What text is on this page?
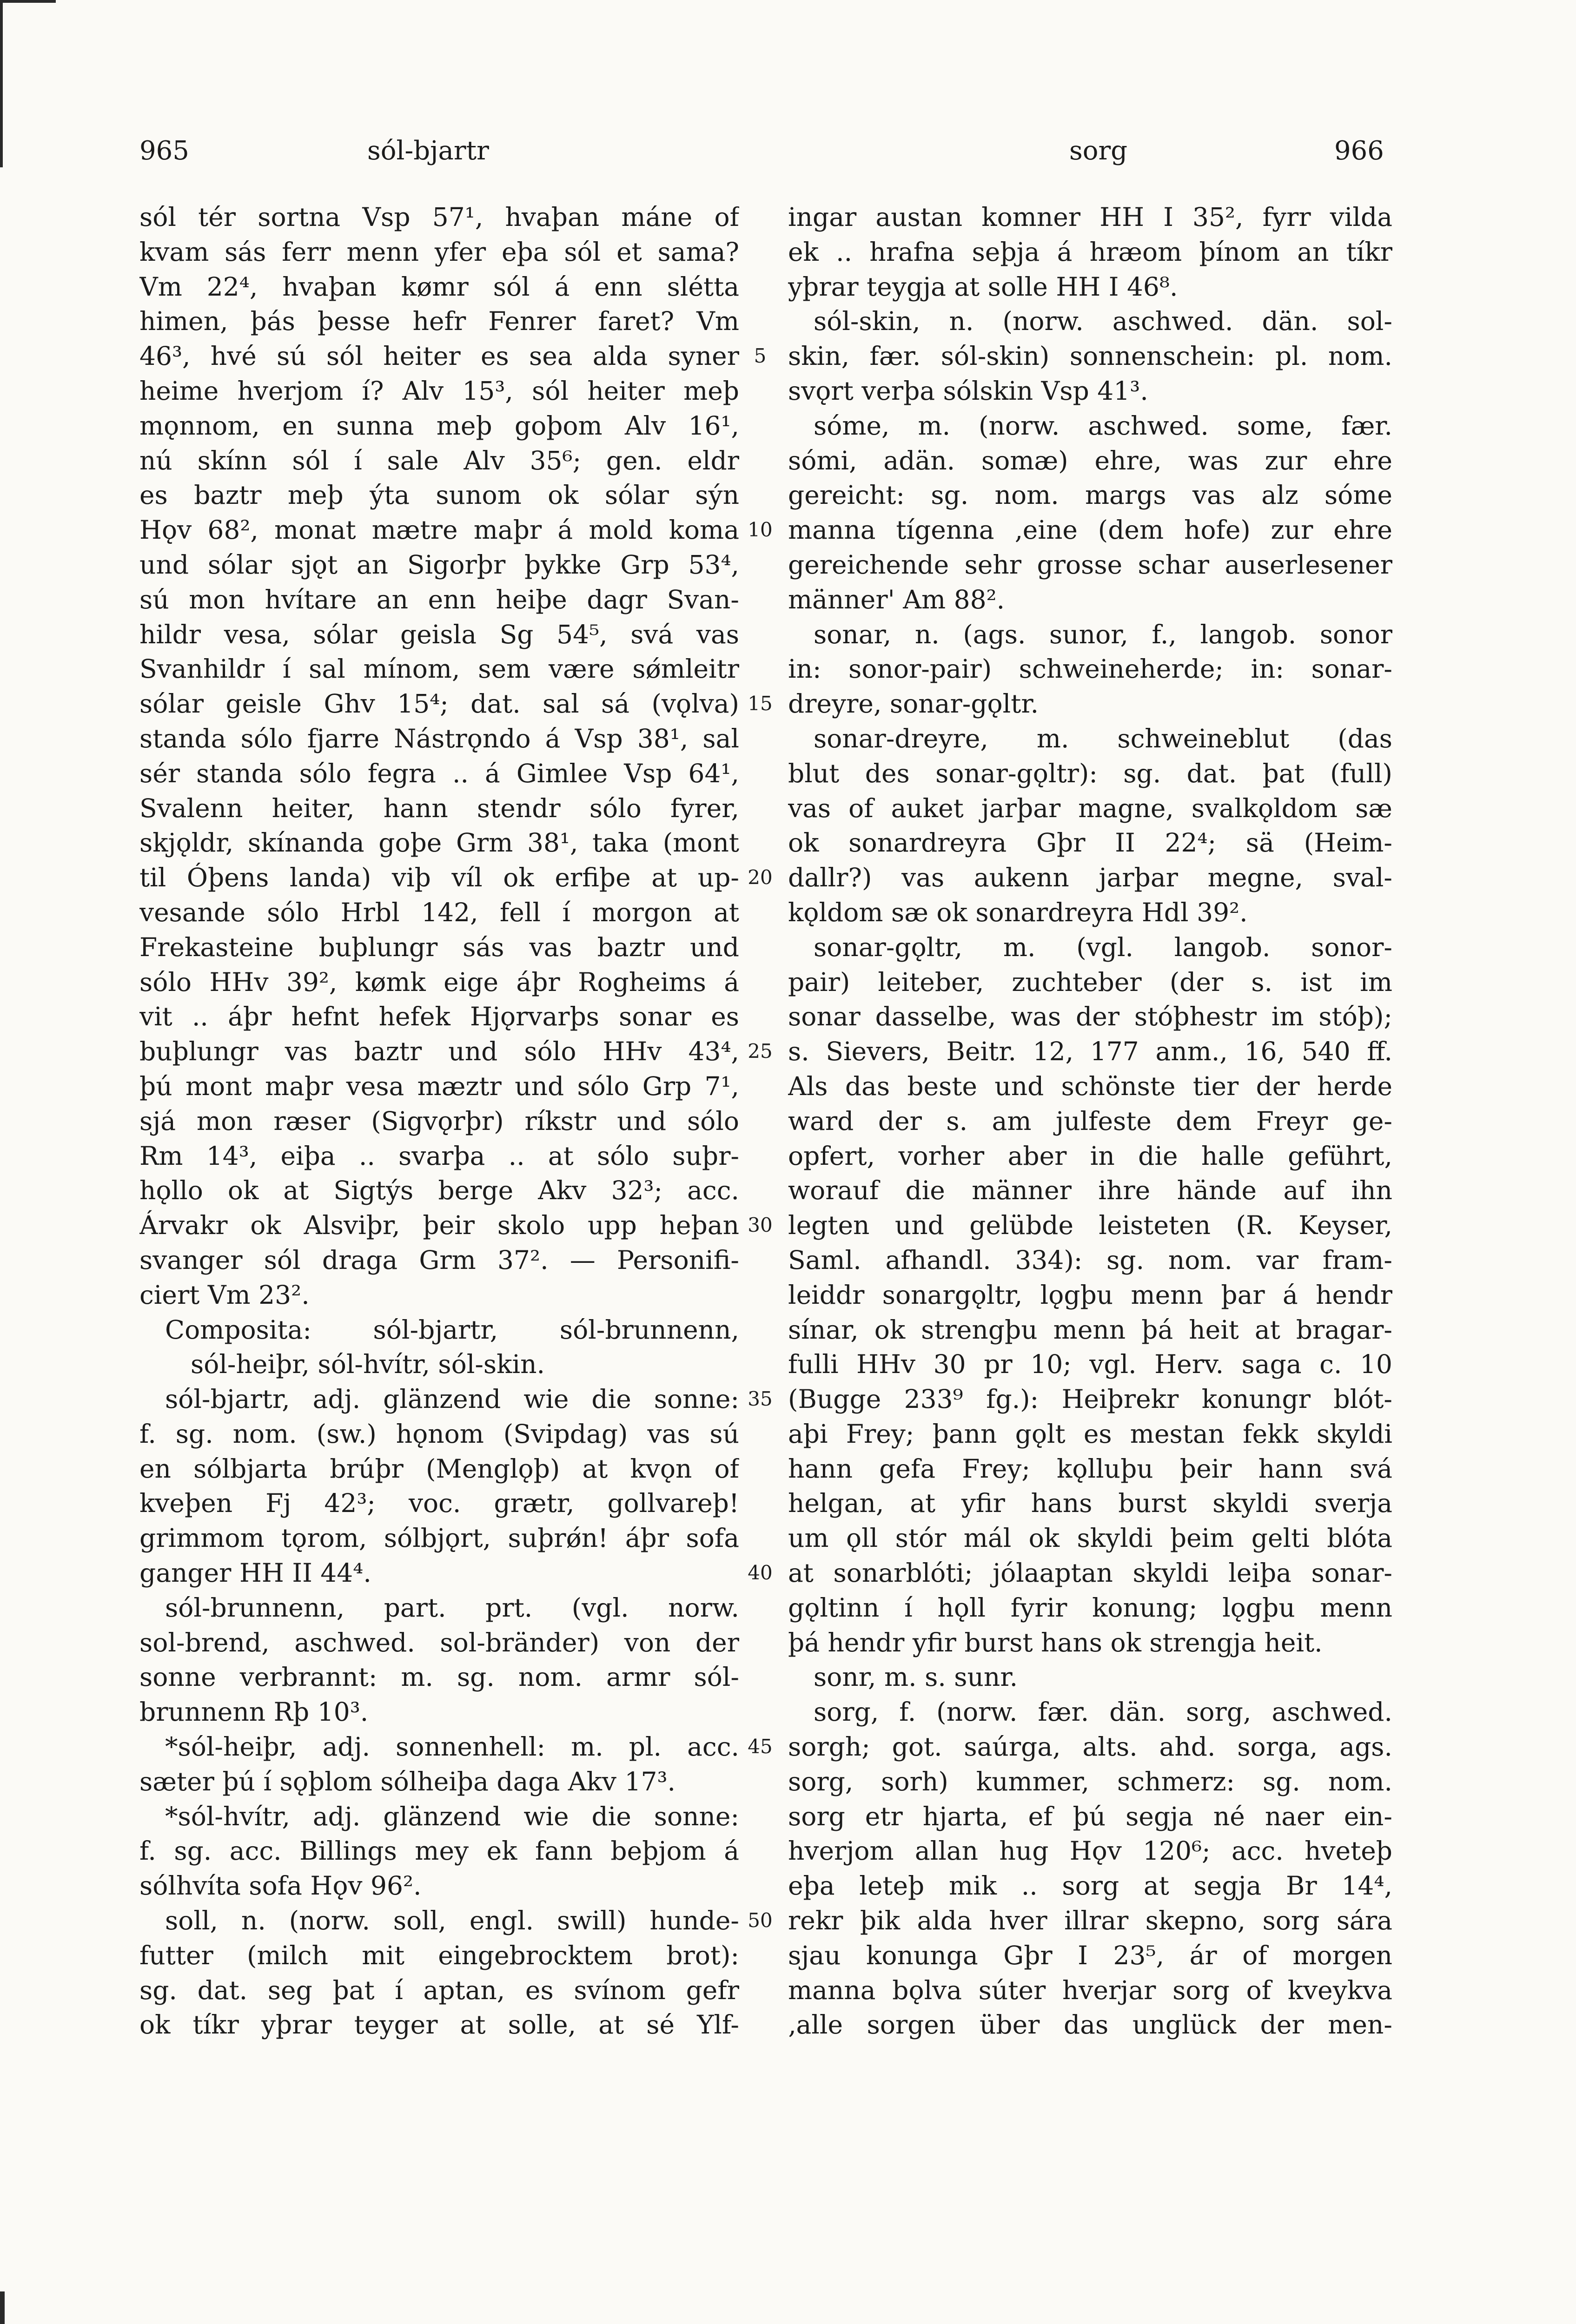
965	sól-bjartr	sorg	966
sól tér sortna Vsp 57¹, hvaþan máne of
kvam sás ferr menn yfer eþa sól et sama?
Vm 22⁴, hvaþan kømr sól á enn slétta
himen, þás þesse hefr Fenrer faret? Vm
46³, hvé sú sól heiter es sea alda syner
heime hverjom í? Alv 15³, sól heiter meþ
mǫnnom, en sunna meþ goþom Alv 16¹,
nú skínn sól í sale Alv 35⁶; gen. eldr
es baztr meþ ýta sunom ok sólar sýn
Hǫv 68², monat mætre maþr á mold koma
und sólar sjǫt an Sigorþr þykke Grp 53⁴,
sú mon hvítare an enn heiþe dagr Svan-
hildr vesa, sólar geisla Sg 54⁵, svá vas
Svanhildr í sal mínom, sem være sǿmleitr
sólar geisle Ghv 15⁴; dat. sal sá (vǫlva)
standa sólo fjarre Nástrǫndo á Vsp 38¹, sal
sér standa sólo fegra .. á Gimlee Vsp 64¹,
Svalenn heiter, hann stendr sólo fyrer,
skjǫldr, skínanda goþe Grm 38¹, taka (mont
til Óþens landa) viþ víl ok erfiþe at up-
vesande sólo Hrbl 142, fell í morgon at
Frekasteine buþlungr sás vas baztr und
sólo HHv 39², kømk eige áþr Rogheims á
vit .. áþr hefnt hefek Hjǫrvarþs sonar es
buþlungr vas baztr und sólo HHv 43⁴,
þú mont maþr vesa mæztr und sólo Grp 7¹,
sjá mon ræser (Sigvǫrþr) ríkstr und sólo
Rm 14³, eiþa .. svarþa .. at sólo suþr-
hǫllo ok at Sigtýs berge Akv 32³; acc.
Árvakr ok Alsviþr, þeir skolo upp heþan
svanger sól draga Grm 37². — Personifi-
ciert Vm 23².
Composita: sól-bjartr, sól-brunnenn,
sól-heiþr, sól-hvítr, sól-skin.
sól-bjartr, adj. glänzend wie die sonne:
f. sg. nom. (sw.) hǫnom (Svipdag) vas sú
en sólbjarta brúþr (Menglǫþ) at kvǫn of
kveþen Fj 42³; voc. grætr, gollvareþ!
grimmom tǫrom, sólbjǫrt, suþrǿn! áþr sofa
ganger HH II 44⁴.
sól-brunnenn, part. prt. (vgl. norw.
sol-brend, aschwed. sol-bränder) von der
sonne verbrannt: m. sg. nom. armr sól-
brunnenn Rþ 10³.
*sól-heiþr, adj. sonnenhell: m. pl. acc.
sæter þú í sǫþlom sólheiþa daga Akv 17³.
*sól-hvítr, adj. glänzend wie die sonne:
f. sg. acc. Billings mey ek fann beþjom á
sólhvíta sofa Hǫv 96².
soll, n. (norw. soll, engl. swill) hunde-
futter (milch mit eingebrocktem brot):
sg. dat. seg þat í aptan, es svínom gefr
ok tíkr yþrar teyger at solle, at sé Ylf-
5
10
15
20
25
30
35
40
45
50
ingar austan komner HH I 35², fyrr vilda
ek .. hrafna seþja á hræom þínom an tíkr
yþrar teygja at solle HH I 46⁸.
sól-skin, n. (norw. aschwed. dän. sol-
skin, fær. sól-skin) sonnenschein: pl. nom.
svǫrt verþa sólskin Vsp 41³.
sóme, m. (norw. aschwed. some, fær.
sómi, adän. somæ) ehre, was zur ehre
gereicht: sg. nom. margs vas alz sóme
manna tígenna ‚eine (dem hofe) zur ehre
gereichende sehr grosse schar auserlesener
männer' Am 88².
sonar, n. (ags. sunor, f., langob. sonor
in: sonor-pair) schweineherde; in: sonar-
dreyre, sonar-gǫltr.
sonar-dreyre, m. schweineblut (das
blut des sonar-gǫltr): sg. dat. þat (full)
vas of auket jarþar magne, svalkǫldom sæ
ok sonardreyra Gþr II 22⁴; sä (Heim-
dallr?) vas aukenn jarþar megne, sval-
kǫldom sæ ok sonardreyra Hdl 39².
sonar-gǫltr, m. (vgl. langob. sonor-
pair) leiteber, zuchteber (der s. ist im
sonar dasselbe, was der stóþhestr im stóþ);
s. Sievers, Beitr. 12, 177 anm., 16, 540 ff.
Als das beste und schönste tier der herde
ward der s. am julfeste dem Freyr ge-
opfert, vorher aber in die halle geführt,
worauf die männer ihre hände auf ihn
legten und gelübde leisteten (R. Keyser,
Saml. afhandl. 334): sg. nom. var fram-
leiddr sonargǫltr, lǫgþu menn þar á hendr
sínar, ok strengþu menn þá heit at bragar-
fulli HHv 30 pr 10; vgl. Herv. saga c. 10
(Bugge 233⁹ fg.): Heiþrekr konungr blót-
aþi Frey; þann gǫlt es mestan fekk skyldi
hann gefa Frey; kǫlluþu þeir hann svá
helgan, at yfir hans burst skyldi sverja
um ǫll stór mál ok skyldi þeim gelti blóta
at sonarblóti; jólaaptan skyldi leiþa sonar-
gǫltinn í hǫll fyrir konung; lǫgþu menn
þá hendr yfir burst hans ok strengja heit.
sonr, m. s. sunr.
sorg, f. (norw. fær. dän. sorg, aschwed.
sorgh; got. saúrga, alts. ahd. sorga, ags.
sorg, sorh) kummer, schmerz: sg. nom.
sorg etr hjarta, ef þú segja né naer ein-
hverjom allan hug Hǫv 120⁶; acc. hveteþ
eþa leteþ mik .. sorg at segja Br 14⁴,
rekr þik alda hver illrar skepno, sorg sára
sjau konunga Gþr I 23⁵, ár of morgen
manna bǫlva súter hverjar sorg of kveykva
‚alle sorgen über das unglück der men-
